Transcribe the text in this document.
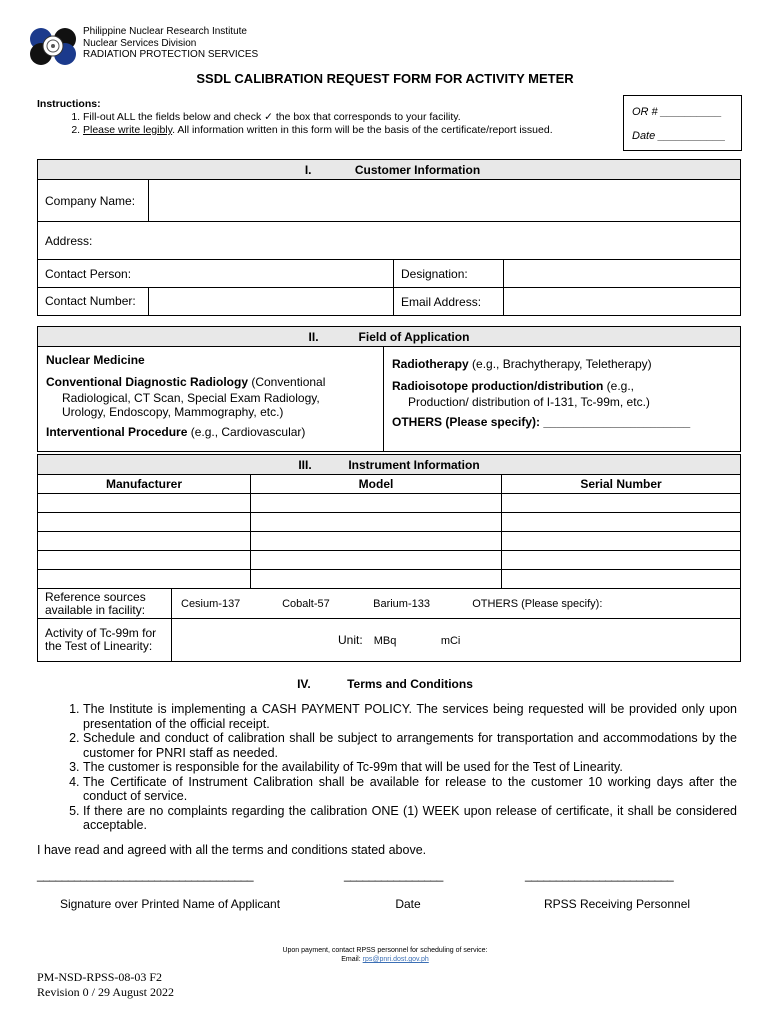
Philippine Nuclear Research Institute
Nuclear Services Division
RADIATION PROTECTION SERVICES
SSDL CALIBRATION REQUEST FORM FOR ACTIVITY METER
Instructions:
1. Fill-out ALL the fields below and check ✓ the box that corresponds to your facility.
2. Please write legibly. All information written in this form will be the basis of the certificate/report issued.
OR # __________
Date ___________
I. Customer Information			
Company Name:			
Address:			
Contact Person:		Designation:	
Contact Number:		Email Address:	
II.	Field of Application

Nuclear Medicine

Conventional Diagnostic Radiology (Conventional
Radiological, CT Scan, Special Exam Radiology,
Urology, Endoscopy, Mammography, etc.)

Interventional Procedure (e.g., Cardiovascular)

Radiotherapy (e.g., Brachytherapy, Teletherapy)

Radioisotope production/distribution (e.g.,
Production/ distribution of I-131, Tc-99m, etc.)

OTHERS (Please specify): ______________________

III. Instrument Information			
Manufacturer		Model	Serial Number

Reference sources available in facility:	Cesium-137 Cobalt-57 Barium-133 OTHERS (Please specify):		
Activity of Tc-99m for the Test of Linearity:	Unit: MBq mCi		
IV.	Terms and Conditions
1. The Institute is implementing a CASH PAYMENT POLICY. The services being requested will be provided only upon presentation of the official receipt.
2. Schedule and conduct of calibration shall be subject to arrangements for transportation and accommodations by the customer for PNRI staff as needed.
3. The customer is responsible for the availability of Tc-99m that will be used for the Test of Linearity.
4. The Certificate of Instrument Calibration shall be available for release to the customer 10 working days after the conduct of service.
5. If there are no complaints regarding the calibration ONE (1) WEEK upon release of certificate, it shall be considered acceptable.
I have read and agreed with all the terms and conditions stated above.
___________________________________	________________	________________________
Signature over Printed Name of Applicant	Date	RPSS Receiving Personnel
Upon payment, contact RPSS personnel for scheduling of service:
Email: rps@pnri.dost.gov.ph
PM-NSD-RPSS-08-03 F2
Revision 0 / 29 August 2022
